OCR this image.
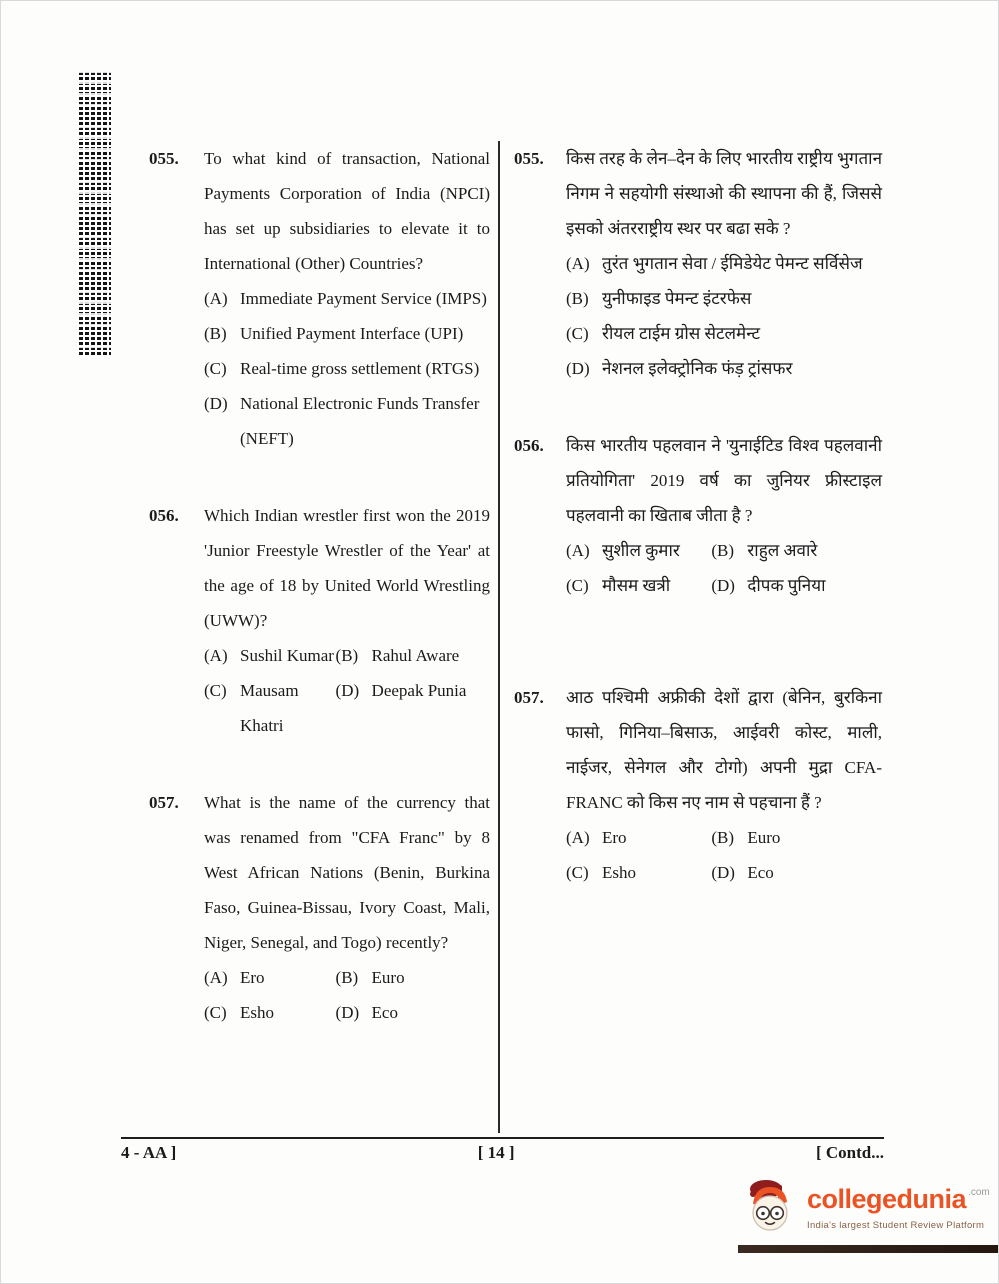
055.	To what kind of transaction, National Payments Corporation of India (NPCI) has set up subsidiaries to elevate it to International (Other) Countries?

(A) Immediate Payment Service (IMPS)
(B) Unified Payment Interface (UPI)
(C) Real-time gross settlement (RTGS)
(D) National Electronic Funds Transfer (NEFT)
056.	Which Indian wrestler first won the 2019 'Junior Freestyle Wrestler of the Year' at the age of 18 by United World Wrestling (UWW)?

(A) Sushil Kumar (B) Rahul Aware
(C) Mausam Khatri
(D) Deepak Punia
057.	What is the name of the currency that was renamed from "CFA Franc" by 8 West African Nations (Benin, Burkina Faso, Guinea-Bissau, Ivory Coast, Mali, Niger, Senegal, and Togo) recently?

(A) Ero	(B) Euro
(C) Esho	(D) Eco
055.	किस तरह के लेन–देन के लिए भारतीय राष्ट्रीय भुगतान निगम ने सहयोगी संस्थाओ की स्थापना की हैं, जिससे इसको अंतरराष्ट्रीय स्थर पर बढा सके ?

(A) तुरंत भुगतान सेवा / ईमिडेयेट पेमन्ट सर्विसेज
(B) युनीफाइड पेमन्ट इंटरफेस
(C) रीयल टाईम ग्रोस सेटलमेन्ट
(D) नेशनल इलेक्ट्रोनिक फंड़ ट्रांसफर
056.	किस भारतीय पहलवान ने 'युनाईटिड विश्व पहलवानी प्रतियोगिता' 2019 वर्ष का जुनियर फ्रीस्टाइल पहलवानी का खिताब जीता है ?

(A) सुशील कुमार	(B) राहुल अवारे
(C) मौसम खत्री	(D) दीपक पुनिया
057.	आठ पश्चिमी अफ्रीकी देशों द्वारा (बेनिन, बुरकिना फासो, गिनिया–बिसाऊ, आईवरी कोस्ट, माली, नाईजर, सेनेगल और टोगो) अपनी मुद्रा CFA-FRANC को किस नए नाम से पहचाना हैं ?

(A) Ero	(B) Euro
(C) Esho	(D) Eco
4 - AA ]	[ 14 ]	[ Contd...
collegedunia .com
India's largest Student Review Platform
